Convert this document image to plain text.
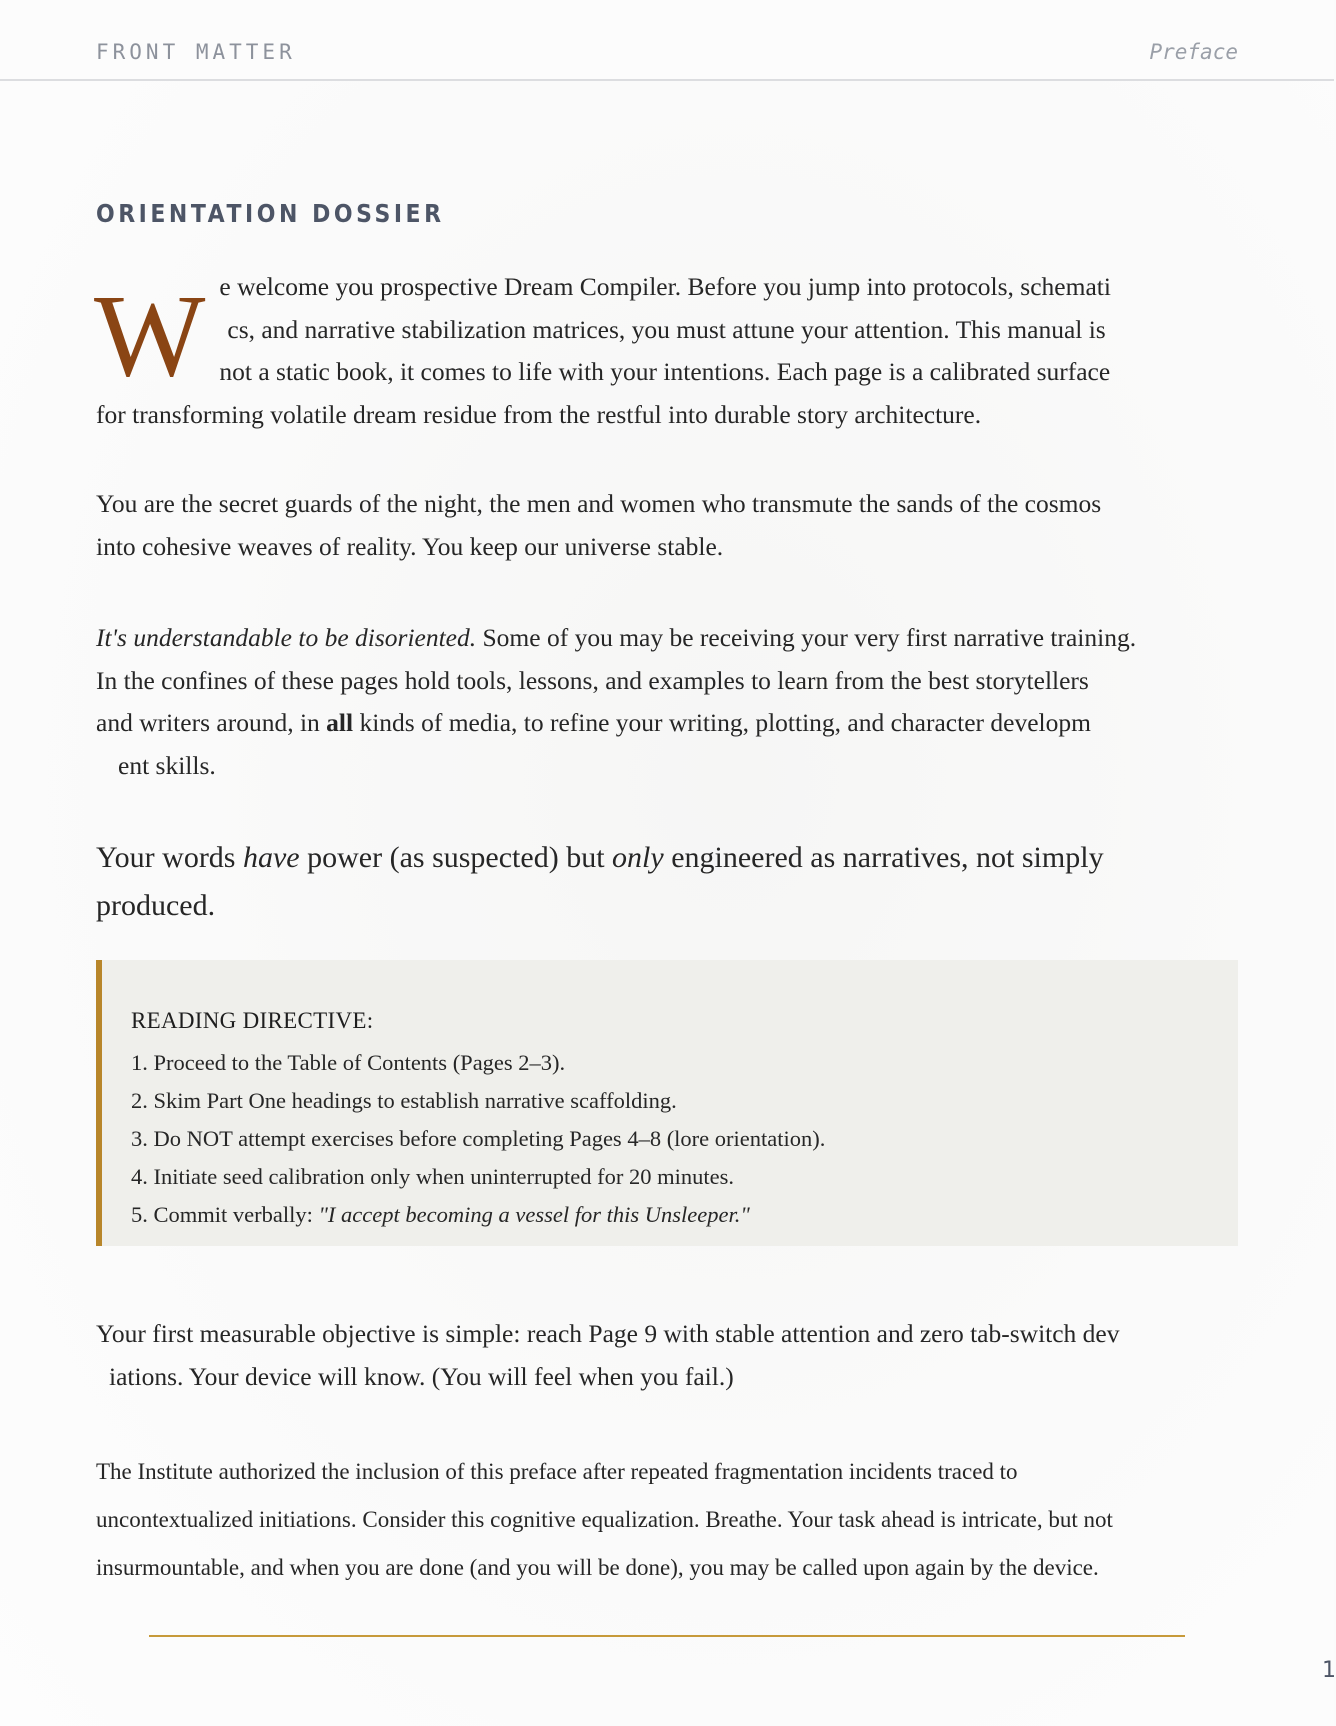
FRONT MATTER	Preface
ORIENTATION DOSSIER

W e welcome you prospective Dream Compiler. Before you jump into protocols, schemati
cs, and narrative stabilization matrices, you must attune your attention. This manual is
not a static book, it comes to life with your intentions. Each page is a calibrated surface
for transforming volatile dream residue from the restful into durable story architecture.

You are the secret guards of the night, the men and women who transmute the sands of the cosmos
into cohesive weaves of reality. You keep our universe stable.

It's understandable to be disoriented. Some of you may be receiving your very first narrative training.
In the confines of these pages hold tools, lessons, and examples to learn from the best storytellers
and writers around, in all kinds of media, to refine your writing, plotting, and character developm
ent skills.

Your words have power (as suspected) but only engineered as narratives, not simply
produced.

READING DIRECTIVE:
1. Proceed to the Table of Contents (Pages 2–3).
2. Skim Part One headings to establish narrative scaffolding.
3. Do NOT attempt exercises before completing Pages 4–8 (lore orientation).
4. Initiate seed calibration only when uninterrupted for 20 minutes.
5. Commit verbally: "I accept becoming a vessel for this Unsleeper."

Your first measurable objective is simple: reach Page 9 with stable attention and zero tab-switch dev
iations. Your device will know. (You will feel when you fail.)

The Institute authorized the inclusion of this preface after repeated fragmentation incidents traced to
uncontextualized initiations. Consider this cognitive equalization. Breathe. Your task ahead is intricate, but not
insurmountable, and when you are done (and you will be done), you may be called upon again by the device.

1
